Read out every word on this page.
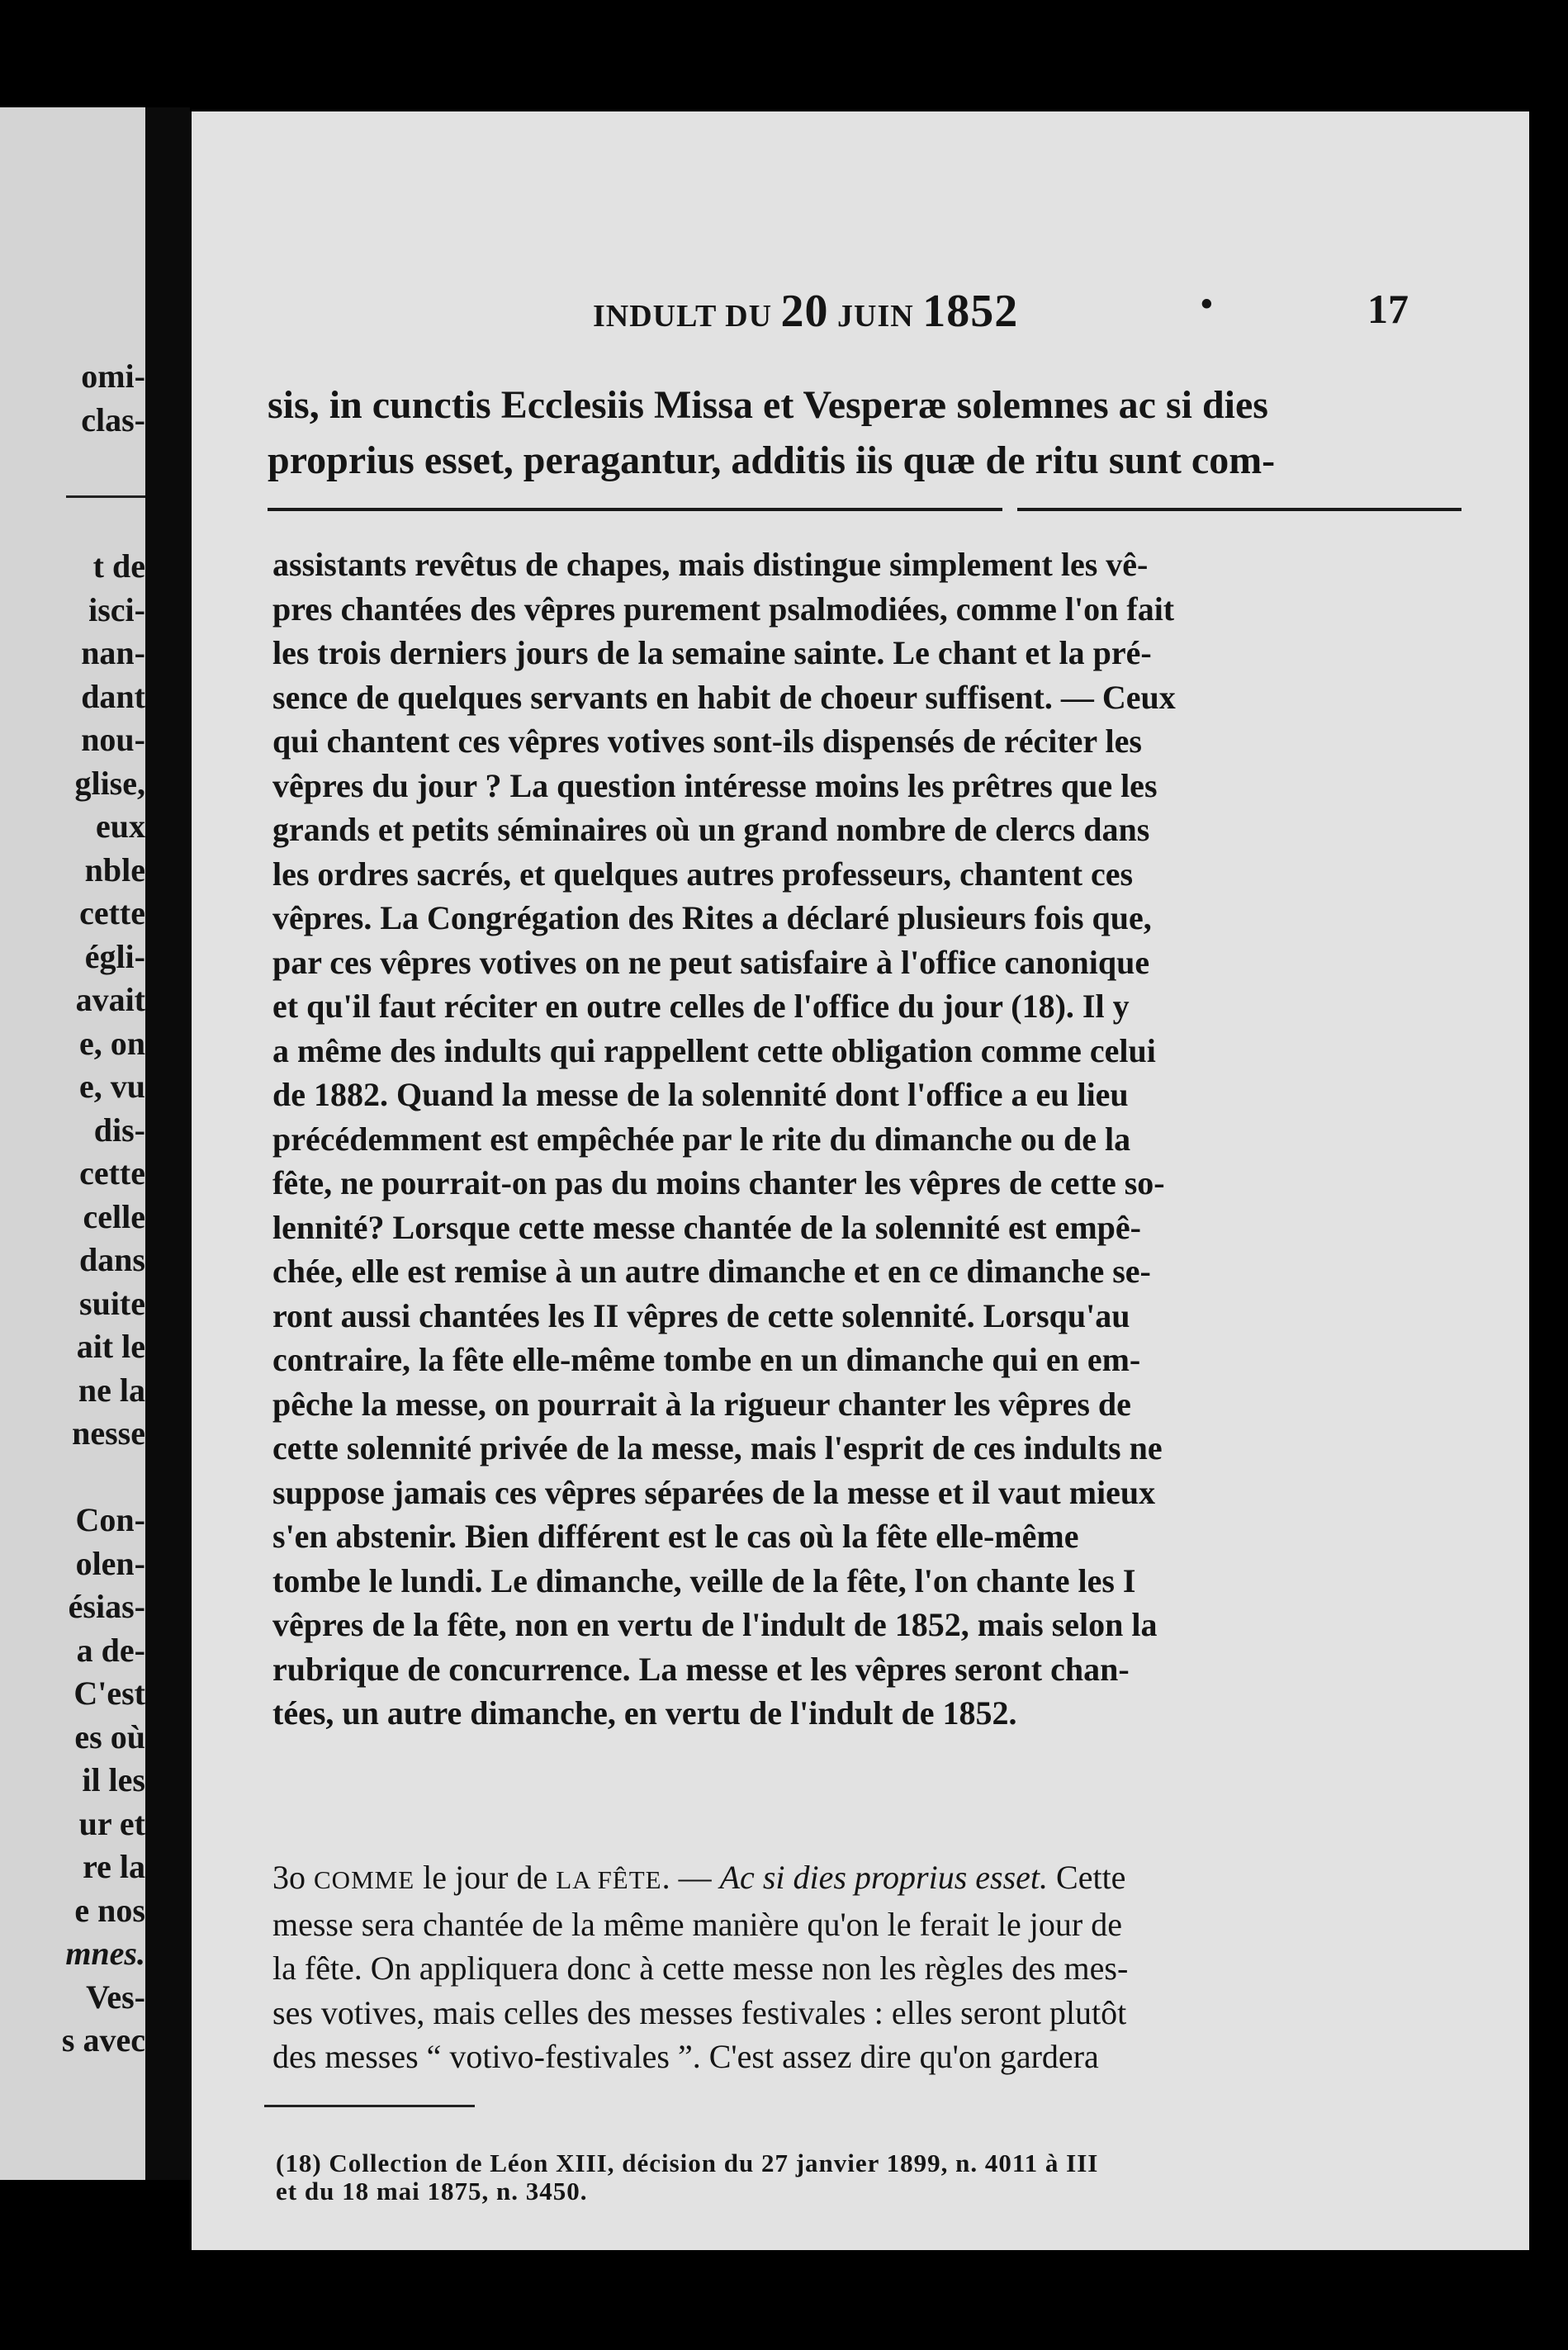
omi-
clas-
t de
isci-
nan-
dant
nou-
glise,
eux
nble
cette
égli-
avait
e, on
e, vu
dis-
cette
celle
dans
suite
ait le
ne la
nesse

Con-
olen-
ésias-
a de-
C'est
es où
il les
ur et
re la
e nos
mnes.
Ves-
s avec
INDULT DU 20 JUIN 1852	•	17
sis, in cunctis Ecclesiis Missa et Vesperæ solemnes ac si dies
proprius esset, peragantur, additis iis quæ de ritu sunt com-
assistants revêtus de chapes, mais distingue simplement les vê-
pres chantées des vêpres purement psalmodiées, comme l'on fait
les trois derniers jours de la semaine sainte. Le chant et la pré-
sence de quelques servants en habit de choeur suffisent. — Ceux
qui chantent ces vêpres votives sont-ils dispensés de réciter les
vêpres du jour ? La question intéresse moins les prêtres que les
grands et petits séminaires où un grand nombre de clercs dans
les ordres sacrés, et quelques autres professeurs, chantent ces
vêpres. La Congrégation des Rites a déclaré plusieurs fois que,
par ces vêpres votives on ne peut satisfaire à l'office canonique
et qu'il faut réciter en outre celles de l'office du jour (18). Il y
a même des indults qui rappellent cette obligation comme celui
de 1882. Quand la messe de la solennité dont l'office a eu lieu
précédemment est empêchée par le rite du dimanche ou de la
fête, ne pourrait-on pas du moins chanter les vêpres de cette so-
lennité? Lorsque cette messe chantée de la solennité est empê-
chée, elle est remise à un autre dimanche et en ce dimanche se-
ront aussi chantées les II vêpres de cette solennité. Lorsqu'au
contraire, la fête elle-même tombe en un dimanche qui en em-
pêche la messe, on pourrait à la rigueur chanter les vêpres de
cette solennité privée de la messe, mais l'esprit de ces indults ne
suppose jamais ces vêpres séparées de la messe et il vaut mieux
s'en abstenir. Bien différent est le cas où la fête elle-même
tombe le lundi. Le dimanche, veille de la fête, l'on chante les I
vêpres de la fête, non en vertu de l'indult de 1852, mais selon la
rubrique de concurrence. La messe et les vêpres seront chan-
tées, un autre dimanche, en vertu de l'indult de 1852.
3o COMME le jour de LA FÊTE. — Ac si dies proprius esset. Cette
messe sera chantée de la même manière qu'on le ferait le jour de
la fête. On appliquera donc à cette messe non les règles des mes-
ses votives, mais celles des messes festivales : elles seront plutôt
des messes “ votivo-festivales ”. C'est assez dire qu'on gardera
(18) Collection de Léon XIII, décision du 27 janvier 1899, n. 4011 à III
et du 18 mai 1875, n. 3450.
